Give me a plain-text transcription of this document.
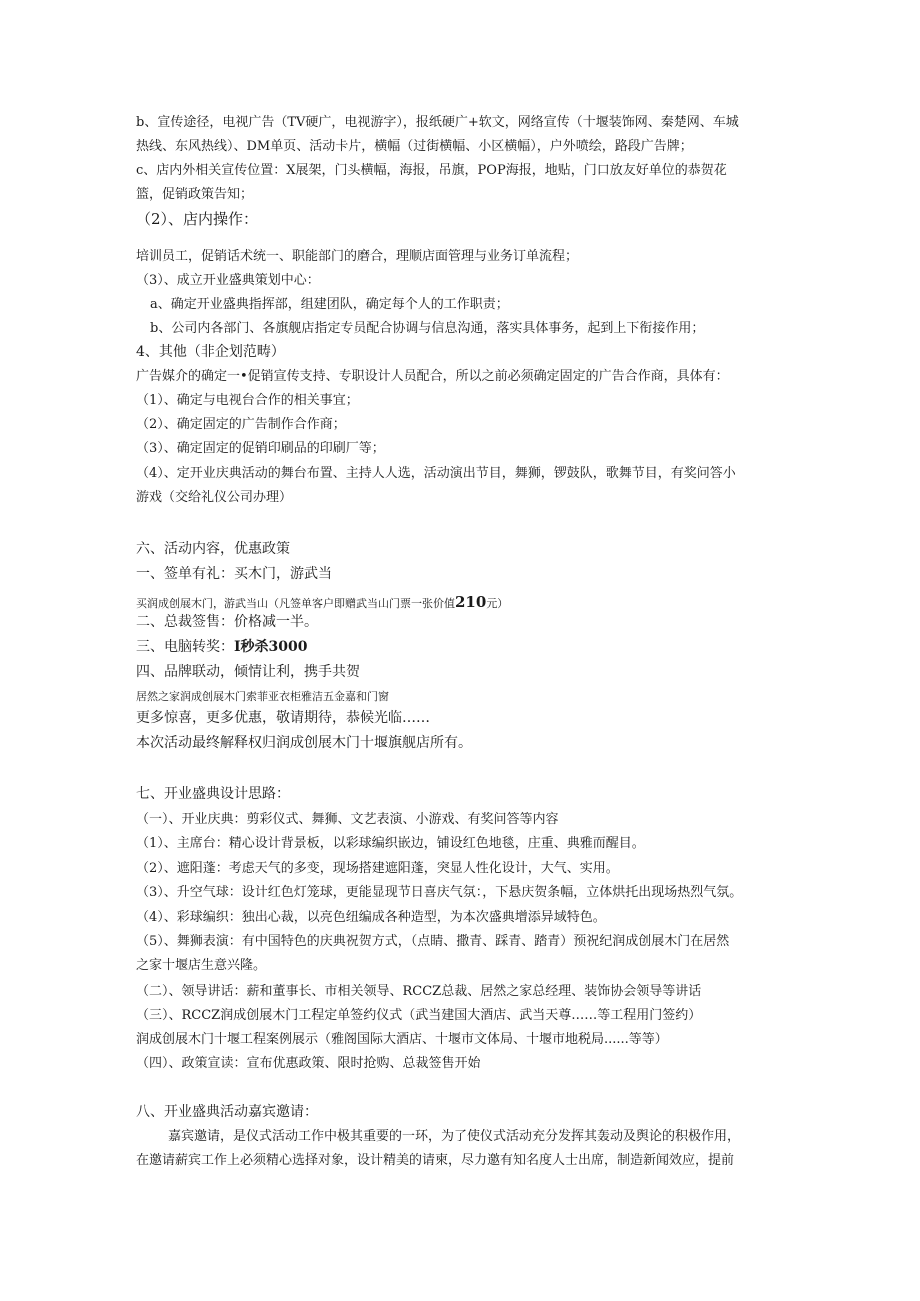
b、宣传途径，电视广告（TV硬广，电视游字），报纸硬广+软文，网络宣传（十堰装饰网、秦楚网、车城
热线、东风热线）、DM单页、活动卡片，横幅（过街横幅、小区横幅），户外喷绘，路段广告牌；
c、店内外相关宣传位置：X展架，门头横幅，海报，吊旗，POP海报，地贴，门口放友好单位的恭贺花
篮，促销政策告知；
（2）、店内操作：
培训员工，促销话术统一、职能部门的磨合，理顺店面管理与业务订单流程；
（3）、成立开业盛典策划中心：
a、确定开业盛典指挥部，组建团队，确定每个人的工作职责；
b、公司内各部门、各旗舰店指定专员配合协调与信息沟通，落实具体事务，起到上下衔接作用；
4、其他（非企划范畴）
广告媒介的确定一•促销宣传支持、专职设计人员配合，所以之前必须确定固定的广告合作商，具体有：
（1）、确定与电视台合作的相关事宜；
（2）、确定固定的广告制作合作商；
（3）、确定固定的促销印刷品的印刷厂等；
（4）、定开业庆典活动的舞台布置、主持人人选，活动演出节目，舞狮，锣鼓队，歌舞节目，有奖问答小
游戏（交给礼仪公司办理）
六、活动内容，优惠政策
一、签单有礼：买木门，游武当
买润成创展木门，游武当山（凡签单客户即赠武当山门票一张价值210元）
二、总裁签售：价格减一半。
三、电脑转奖：I秒杀3000
四、品牌联动，倾情让利，携手共贺
居然之家润成创展木门索菲亚衣柜雅洁五金嘉和门窗
更多惊喜，更多优惠，敬请期待，恭候光临……
本次活动最终解释权归润成创展木门十堰旗舰店所有。
七、开业盛典设计思路：
（一）、开业庆典：剪彩仪式、舞狮、文艺表演、小游戏、有奖问答等内容
（1）、主席台：精心设计背景板，以彩球编织嵌边，铺设红色地毯，庄重、典雅而醒目。
（2）、遮阳蓬：考虑天气的多变，现场搭建遮阳蓬，突显人性化设计，大气、实用。
（3）、升空气球：设计红色灯笼球，更能显现节日喜庆气氛：，下悬庆贺条幅，立体烘托出现场热烈气氛。
（4）、彩球编织：独出心裁，以亮色纽编成各种造型，为本次盛典增添异域特色。
（5）、舞狮表演：有中国特色的庆典祝贺方式，（点睛、撒青、踩青、踏青）预祝纪润成创展木门在居然
之家十堰店生意兴隆。
（二）、领导讲话：薪和董事长、市相关领导、RCCZ总裁、居然之家总经理、装饰协会领导等讲话
（三）、RCCZ润成创展木门工程定单签约仪式（武当建国大酒店、武当天尊……等工程用门签约）
润成创展木门十堰工程案例展示（雅阁国际大酒店、十堰市文体局、十堰市地税局......等等）
（四）、政策宣读：宣布优惠政策、限时抢购、总裁签售开始
八、开业盛典活动嘉宾邀请：
嘉宾邀请，是仪式活动工作中极其重要的一环，为了使仪式活动充分发挥其轰动及舆论的积极作用，
在邀请薪宾工作上必须精心选择对象，设计精美的请柬，尽力邀有知名度人士出席，制造新闻效应，提前
